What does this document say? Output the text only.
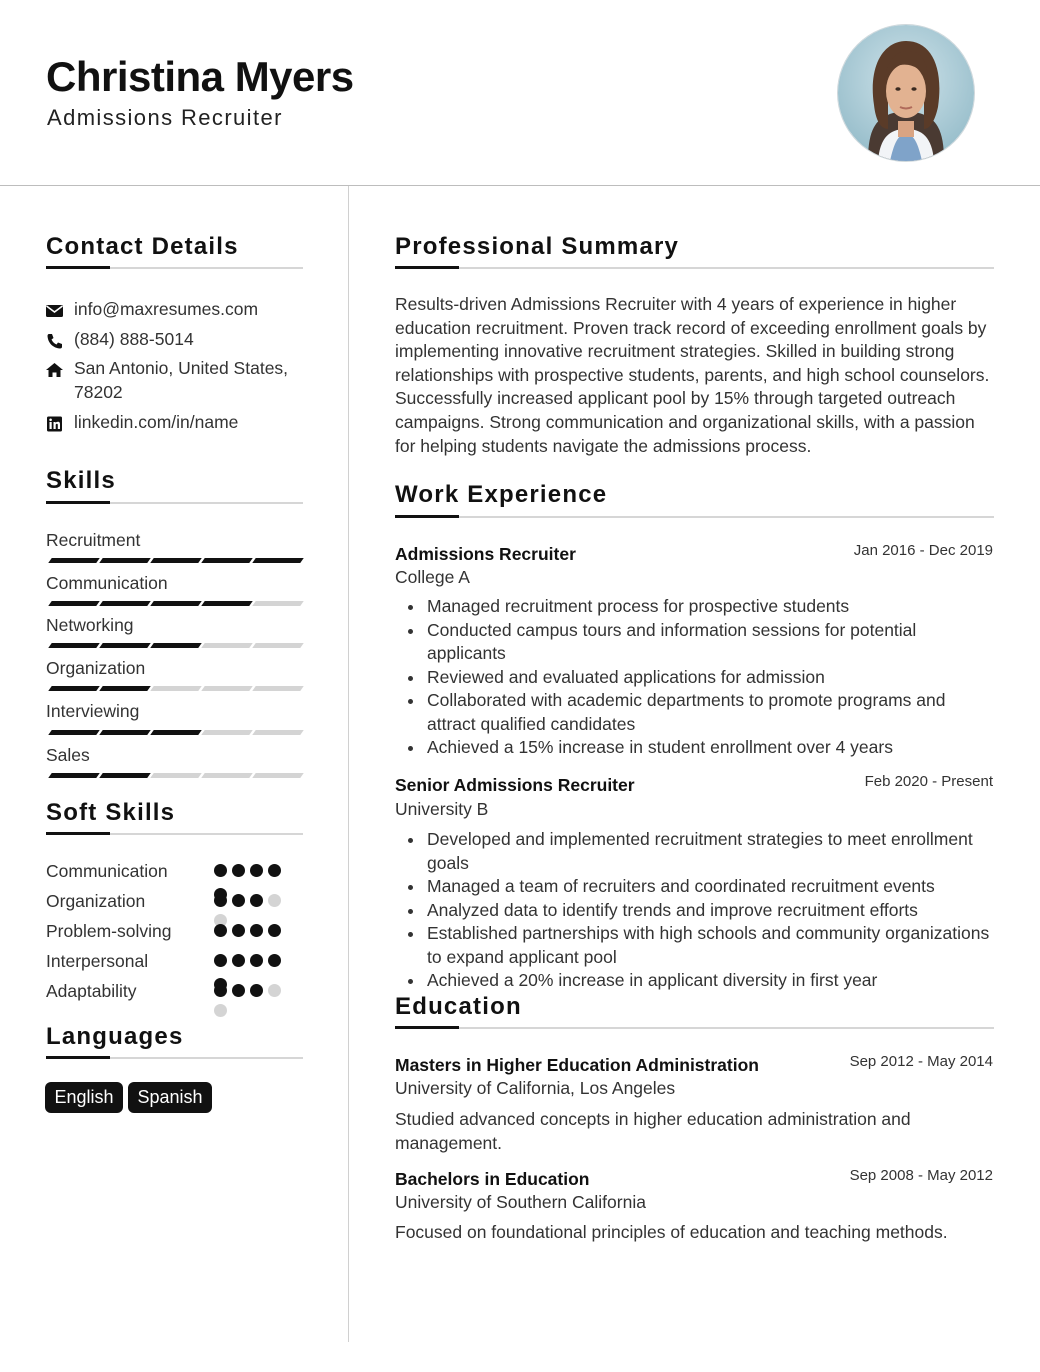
Christina Myers
Admissions Recruiter
Contact Details
info@maxresumes.com
(884) 888-5014
San Antonio, United States,
78202
linkedin.com/in/name
Skills
Recruitment
Communication
Networking
Organization
Interviewing
Sales
Soft Skills
Communication
Organization
Problem-solving
Interpersonal
Adaptability
Languages
English	Spanish
Professional Summary

Results-driven Admissions Recruiter with 4 years of experience in higher education recruitment. Proven track record of exceeding enrollment goals by implementing innovative recruitment strategies. Skilled in building strong relationships with prospective students, parents, and high school counselors. Successfully increased applicant pool by 15% through targeted outreach campaigns. Strong communication and organizational skills, with a passion for helping students navigate the admissions process.

Work Experience
Admissions Recruiter	Jan 2016 - Dec 2019
College A
Managed recruitment process for prospective students
Conducted campus tours and information sessions for potential applicants
Reviewed and evaluated applications for admission
Collaborated with academic departments to promote programs and attract qualified candidates
Achieved a 15% increase in student enrollment over 4 years
Senior Admissions Recruiter	Feb 2020 - Present
University B
Developed and implemented recruitment strategies to meet enrollment goals
Managed a team of recruiters and coordinated recruitment events
Analyzed data to identify trends and improve recruitment efforts
Established partnerships with high schools and community organizations to expand applicant pool
Achieved a 20% increase in applicant diversity in first year
Education
Masters in Higher Education Administration	Sep 2012 - May 2014
University of California, Los Angeles

Studied advanced concepts in higher education administration and management.

Bachelors in Education	Sep 2008 - May 2012
University of Southern California

Focused on foundational principles of education and teaching methods.
